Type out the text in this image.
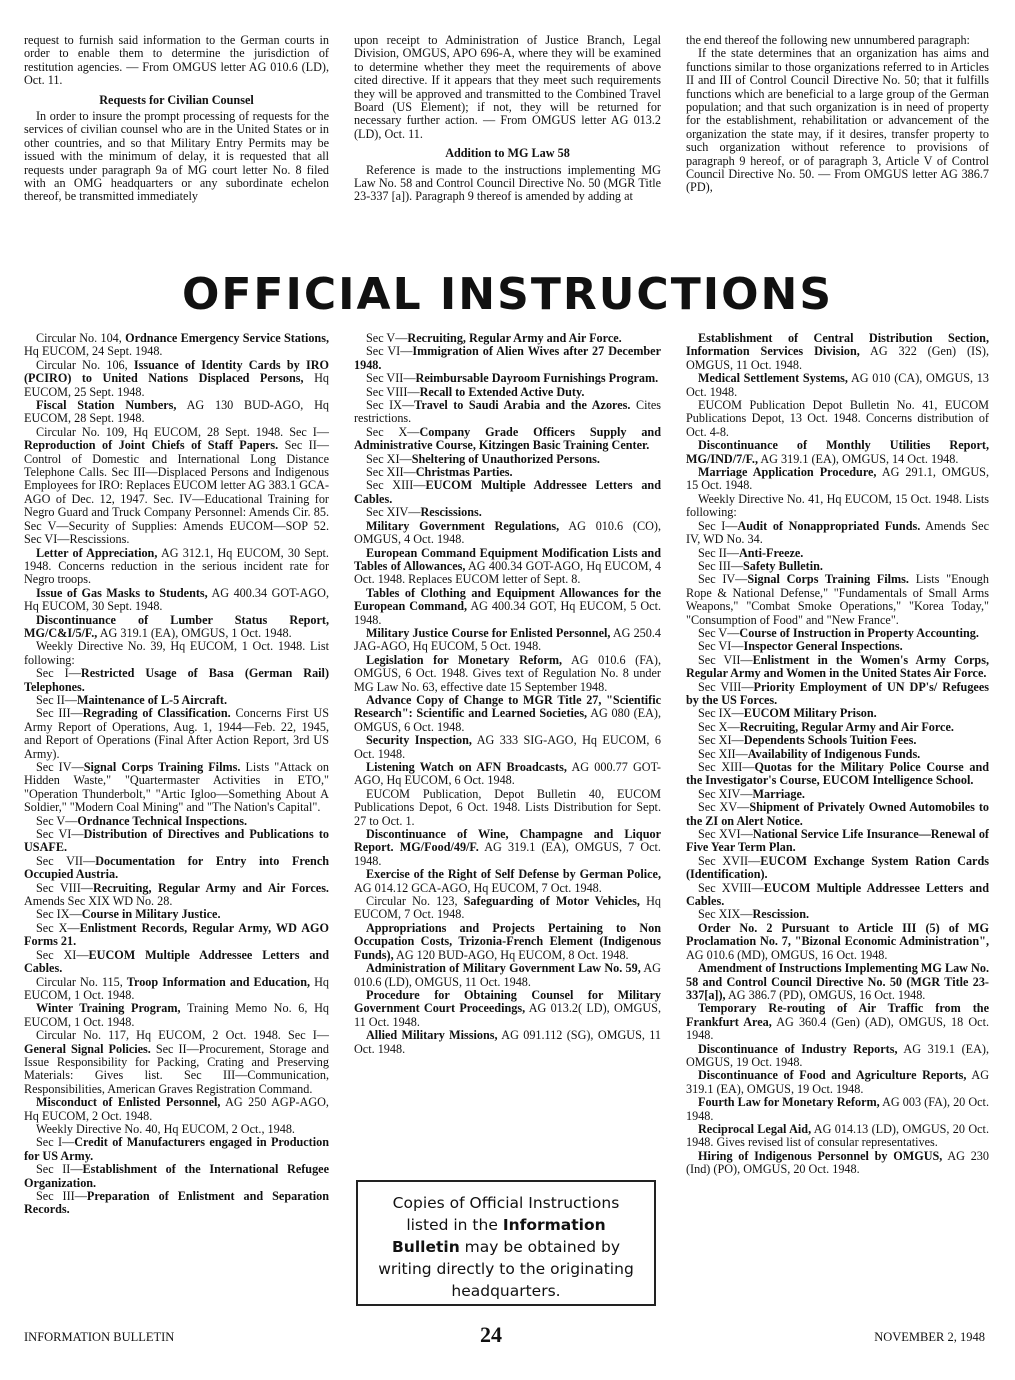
request to furnish said information to the German courts in order to enable them to determine the jurisdiction of restitution agencies. — From OMGUS letter AG 010.6 (LD), Oct. 11.

Requests for Civilian Counsel

In order to insure the prompt processing of requests for the services of civilian counsel who are in the United States or in other countries, and so that Military Entry Permits may be issued with the minimum of delay, it is requested that all requests under paragraph 9a of MG court letter No. 8 filed with an OMG headquarters or any subordinate echelon thereof, be transmitted immediately

upon receipt to Administration of Justice Branch, Legal Division, OMGUS, APO 696-A, where they will be examined to determine whether they meet the requirements of above cited directive. If it appears that they meet such requirements they will be approved and transmitted to the Combined Travel Board (US Element); if not, they will be returned for necessary further action. — From OMGUS letter AG 013.2 (LD), Oct. 11.

Addition to MG Law 58

Reference is made to the instructions implementing MG Law No. 58 and Control Council Directive No. 50 (MGR Title 23-337 [a]). Paragraph 9 thereof is amended by adding at

the end thereof the following new unnumbered paragraph:

If the state determines that an organization has aims and functions similar to those organizations referred to in Articles II and III of Control Council Directive No. 50; that it fulfills functions which are beneficial to a large group of the German population; and that such organization is in need of property for the establishment, rehabilitation or advancement of the organization the state may, if it desires, transfer property to such organization without reference to provisions of paragraph 9 hereof, or of paragraph 3, Article V of Control Council Directive No. 50. — From OMGUS letter AG 386.7 (PD),

OFFICIAL INSTRUCTIONS

Circular No. 104, Ordnance Emergency Service Stations, Hq EUCOM, 24 Sept. 1948.

Circular No. 106, Issuance of Identity Cards by IRO (PCIRO) to United Nations Displaced Persons, Hq EUCOM, 25 Sept. 1948.

Fiscal Station Numbers, AG 130 BUD-AGO, Hq EUCOM, 28 Sept. 1948.

Circular No. 109, Hq EUCOM, 28 Sept. 1948. Sec I—Reproduction of Joint Chiefs of Staff Papers. Sec II—Control of Domestic and International Long Distance Telephone Calls. Sec III—Displaced Persons and Indigenous Employees for IRO: Replaces EUCOM letter AG 383.1 GCA-AGO of Dec. 12, 1947. Sec. IV—Educational Training for Negro Guard and Truck Company Personnel: Amends Cir. 85. Sec V—Security of Supplies: Amends EUCOM—SOP 52. Sec VI—Rescissions.

Letter of Appreciation, AG 312.1, Hq EUCOM, 30 Sept. 1948. Concerns reduction in the serious incident rate for Negro troops.

Issue of Gas Masks to Students, AG 400.34 GOT-AGO, Hq EUCOM, 30 Sept. 1948.

Discontinuance of Lumber Status Report, MG/C&I/5/F., AG 319.1 (EA), OMGUS, 1 Oct. 1948.

Weekly Directive No. 39, Hq EUCOM, 1 Oct. 1948. List following:

Sec I—Restricted Usage of Basa (German Rail) Telephones.

Sec II—Maintenance of L-5 Aircraft.

Sec III—Regrading of Classification. Concerns First US Army Report of Operations, Aug. 1, 1944—Feb. 22, 1945, and Report of Operations (Final After Action Report, 3rd US Army).

Sec IV—Signal Corps Training Films. Lists "Attack on Hidden Waste," "Quartermaster Activities in ETO," "Operation Thunderbolt," "Artic Igloo—Something About A Soldier," "Modern Coal Mining" and "The Nation's Capital".

Sec V—Ordnance Technical Inspections.

Sec VI—Distribution of Directives and Publications to USAFE.

Sec VII—Documentation for Entry into French Occupied Austria.

Sec VIII—Recruiting, Regular Army and Air Forces. Amends Sec XIX WD No. 28.

Sec IX—Course in Military Justice.

Sec X—Enlistment Records, Regular Army, WD AGO Forms 21.

Sec XI—EUCOM Multiple Addressee Letters and Cables.

Circular No. 115, Troop Information and Education, Hq EUCOM, 1 Oct. 1948.

Winter Training Program, Training Memo No. 6, Hq EUCOM, 1 Oct. 1948.

Circular No. 117, Hq EUCOM, 2 Oct. 1948. Sec I—General Signal Policies. Sec II—Procurement, Storage and Issue Responsibility for Packing, Crating and Preserving Materials: Gives list. Sec III—Communication, Responsibilities, American Graves Registration Command.

Misconduct of Enlisted Personnel, AG 250 AGP-AGO, Hq EUCOM, 2 Oct. 1948.

Weekly Directive No. 40, Hq EUCOM, 2 Oct., 1948.

Sec I—Credit of Manufacturers engaged in Production for US Army.

Sec II—Establishment of the International Refugee Organization.

Sec III—Preparation of Enlistment and Separation Records.

Sec V—Recruiting, Regular Army and Air Force.

Sec VI—Immigration of Alien Wives after 27 December 1948.

Sec VII—Reimbursable Dayroom Furnishings Program.

Sec VIII—Recall to Extended Active Duty.

Sec IX—Travel to Saudi Arabia and the Azores. Cites restrictions.

Sec X—Company Grade Officers Supply and Administrative Course, Kitzingen Basic Training Center.

Sec XI—Sheltering of Unauthorized Persons.

Sec XII—Christmas Parties.

Sec XIII—EUCOM Multiple Addressee Letters and Cables.

Sec XIV—Rescissions.

Military Government Regulations, AG 010.6 (CO), OMGUS, 4 Oct. 1948.

European Command Equipment Modification Lists and Tables of Allowances, AG 400.34 GOT-AGO, Hq EUCOM, 4 Oct. 1948. Replaces EUCOM letter of Sept. 8.

Tables of Clothing and Equipment Allowances for the European Command, AG 400.34 GOT, Hq EUCOM, 5 Oct. 1948.

Military Justice Course for Enlisted Personnel, AG 250.4 JAG-AGO, Hq EUCOM, 5 Oct. 1948.

Legislation for Monetary Reform, AG 010.6 (FA), OMGUS, 6 Oct. 1948. Gives text of Regulation No. 8 under MG Law No. 63, effective date 15 September 1948.

Advance Copy of Change to MGR Title 27, "Scientific Research": Scientific and Learned Societies, AG 080 (EA), OMGUS, 6 Oct. 1948.

Security Inspection, AG 333 SIG-AGO, Hq EUCOM, 6 Oct. 1948.

Listening Watch on AFN Broadcasts, AG 000.77 GOT-AGO, Hq EUCOM, 6 Oct. 1948.

EUCOM Publication, Depot Bulletin 40, EUCOM Publications Depot, 6 Oct. 1948. Lists Distribution for Sept. 27 to Oct. 1.

Discontinuance of Wine, Champagne and Liquor Report. MG/Food/49/F. AG 319.1 (EA), OMGUS, 7 Oct. 1948.

Exercise of the Right of Self Defense by German Police, AG 014.12 GCA-AGO, Hq EUCOM, 7 Oct. 1948.

Circular No. 123, Safeguarding of Motor Vehicles, Hq EUCOM, 7 Oct. 1948.

Appropriations and Projects Pertaining to Non Occupation Costs, Trizonia-French Element (Indigenous Funds), AG 120 BUD-AGO, Hq EUCOM, 8 Oct. 1948.

Administration of Military Government Law No. 59, AG 010.6 (LD), OMGUS, 11 Oct. 1948.

Procedure for Obtaining Counsel for Military Government Court Proceedings, AG 013.2( LD), OMGUS, 11 Oct. 1948.

Allied Military Missions, AG 091.112 (SG), OMGUS, 11 Oct. 1948.

Establishment of Central Distribution Section, Information Services Division, AG 322 (Gen) (IS), OMGUS, 11 Oct. 1948.

Medical Settlement Systems, AG 010 (CA), OMGUS, 13 Oct. 1948.

EUCOM Publication Depot Bulletin No. 41, EUCOM Publications Depot, 13 Oct. 1948. Concerns distribution of Oct. 4-8.

Discontinuance of Monthly Utilities Report, MG/IND/7/F., AG 319.1 (EA), OMGUS, 14 Oct. 1948.

Marriage Application Procedure, AG 291.1, OMGUS, 15 Oct. 1948.

Weekly Directive No. 41, Hq EUCOM, 15 Oct. 1948. Lists following:

Sec I—Audit of Nonappropriated Funds. Amends Sec IV, WD No. 34.

Sec II—Anti-Freeze.

Sec III—Safety Bulletin.

Sec IV—Signal Corps Training Films. Lists "Enough Rope & National Defense," "Fundamentals of Small Arms Weapons," "Combat Smoke Operations," "Korea Today," "Consumption of Food" and "New France".

Sec V—Course of Instruction in Property Accounting.

Sec VI—Inspector General Inspections.

Sec VII—Enlistment in the Women's Army Corps, Regular Army and Women in the United States Air Force.

Sec VIII—Priority Employment of UN DP's/ Refugees by the US Forces.

Sec IX—EUCOM Military Prison.

Sec X—Recruiting, Regular Army and Air Force.

Sec XI—Dependents Schools Tuition Fees.

Sec XII—Availability of Indigenous Funds.

Sec XIII—Quotas for the Military Police Course and the Investigator's Course, EUCOM Intelligence School.

Sec XIV—Marriage.

Sec XV—Shipment of Privately Owned Automobiles to the ZI on Alert Notice.

Sec XVI—National Service Life Insurance—Renewal of Five Year Term Plan.

Sec XVII—EUCOM Exchange System Ration Cards (Identification).

Sec XVIII—EUCOM Multiple Addressee Letters and Cables.

Sec XIX—Rescission.

Order No. 2 Pursuant to Article III (5) of MG Proclamation No. 7, "Bizonal Economic Administration", AG 010.6 (MD), OMGUS, 16 Oct. 1948.

Amendment of Instructions Implementing MG Law No. 58 and Control Council Directive No. 50 (MGR Title 23-337[a]), AG 386.7 (PD), OMGUS, 16 Oct. 1948.

Temporary Re-routing of Air Traffic from the Frankfurt Area, AG 360.4 (Gen) (AD), OMGUS, 18 Oct. 1948.

Discontinuance of Industry Reports, AG 319.1 (EA), OMGUS, 19 Oct. 1948.

Discontinuance of Food and Agriculture Reports, AG 319.1 (EA), OMGUS, 19 Oct. 1948.

Fourth Law for Monetary Reform, AG 003 (FA), 20 Oct. 1948.

Reciprocal Legal Aid, AG 014.13 (LD), OMGUS, 20 Oct. 1948. Gives revised list of consular representatives.

Hiring of Indigenous Personnel by OMGUS, AG 230 (Ind) (PO), OMGUS, 20 Oct. 1948.

Copies of Official Instructions listed in the Information Bulletin may be obtained by writing directly to the originating headquarters.
INFORMATION BULLETIN	24	NOVEMBER 2, 1948
